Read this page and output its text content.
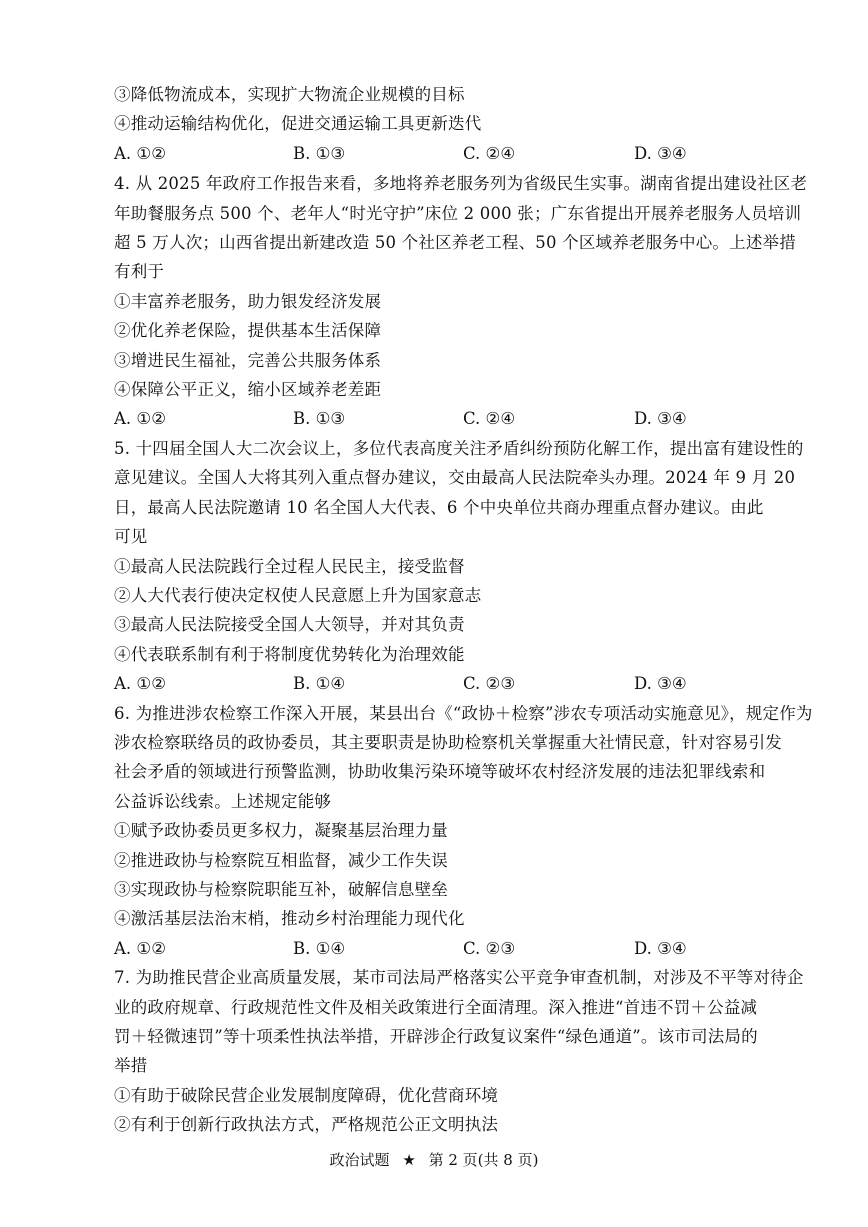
③降低物流成本，实现扩大物流企业规模的目标
④推动运输结构优化，促进交通运输工具更新迭代
A. ①②	B. ①③	C. ②④	D. ③④
4. 从 2025 年政府工作报告来看，多地将养老服务列为省级民生实事。湖南省提出建设社区老
年助餐服务点 500 个、老年人“时光守护”床位 2 000 张；广东省提出开展养老服务人员培训
超 5 万人次；山西省提出新建改造 50 个社区养老工程、50 个区域养老服务中心。上述举措
有利于
①丰富养老服务，助力银发经济发展
②优化养老保险，提供基本生活保障
③增进民生福祉，完善公共服务体系
④保障公平正义，缩小区域养老差距
A. ①②	B. ①③	C. ②④	D. ③④
5. 十四届全国人大二次会议上，多位代表高度关注矛盾纠纷预防化解工作，提出富有建设性的
意见建议。全国人大将其列入重点督办建议，交由最高人民法院牵头办理。2024 年 9 月 20
日，最高人民法院邀请 10 名全国人大代表、6 个中央单位共商办理重点督办建议。由此
可见
①最高人民法院践行全过程人民民主，接受监督
②人大代表行使决定权使人民意愿上升为国家意志
③最高人民法院接受全国人大领导，并对其负责
④代表联系制有利于将制度优势转化为治理效能
A. ①②	B. ①④	C. ②③	D. ③④
6. 为推进涉农检察工作深入开展，某县出台《“政协＋检察”涉农专项活动实施意见》，规定作为
涉农检察联络员的政协委员，其主要职责是协助检察机关掌握重大社情民意，针对容易引发
社会矛盾的领域进行预警监测，协助收集污染环境等破坏农村经济发展的违法犯罪线索和
公益诉讼线索。上述规定能够
①赋予政协委员更多权力，凝聚基层治理力量
②推进政协与检察院互相监督，减少工作失误
③实现政协与检察院职能互补，破解信息壁垒
④激活基层法治末梢，推动乡村治理能力现代化
A. ①②	B. ①④	C. ②③	D. ③④
7. 为助推民营企业高质量发展，某市司法局严格落实公平竞争审查机制，对涉及不平等对待企
业的政府规章、行政规范性文件及相关政策进行全面清理。深入推进“首违不罚＋公益减
罚＋轻微速罚”等十项柔性执法举措，开辟涉企行政复议案件“绿色通道”。该市司法局的
举措
①有助于破除民营企业发展制度障碍，优化营商环境
②有利于创新行政执法方式，严格规范公正文明执法
政治试题 ★ 第 2 页(共 8 页)
